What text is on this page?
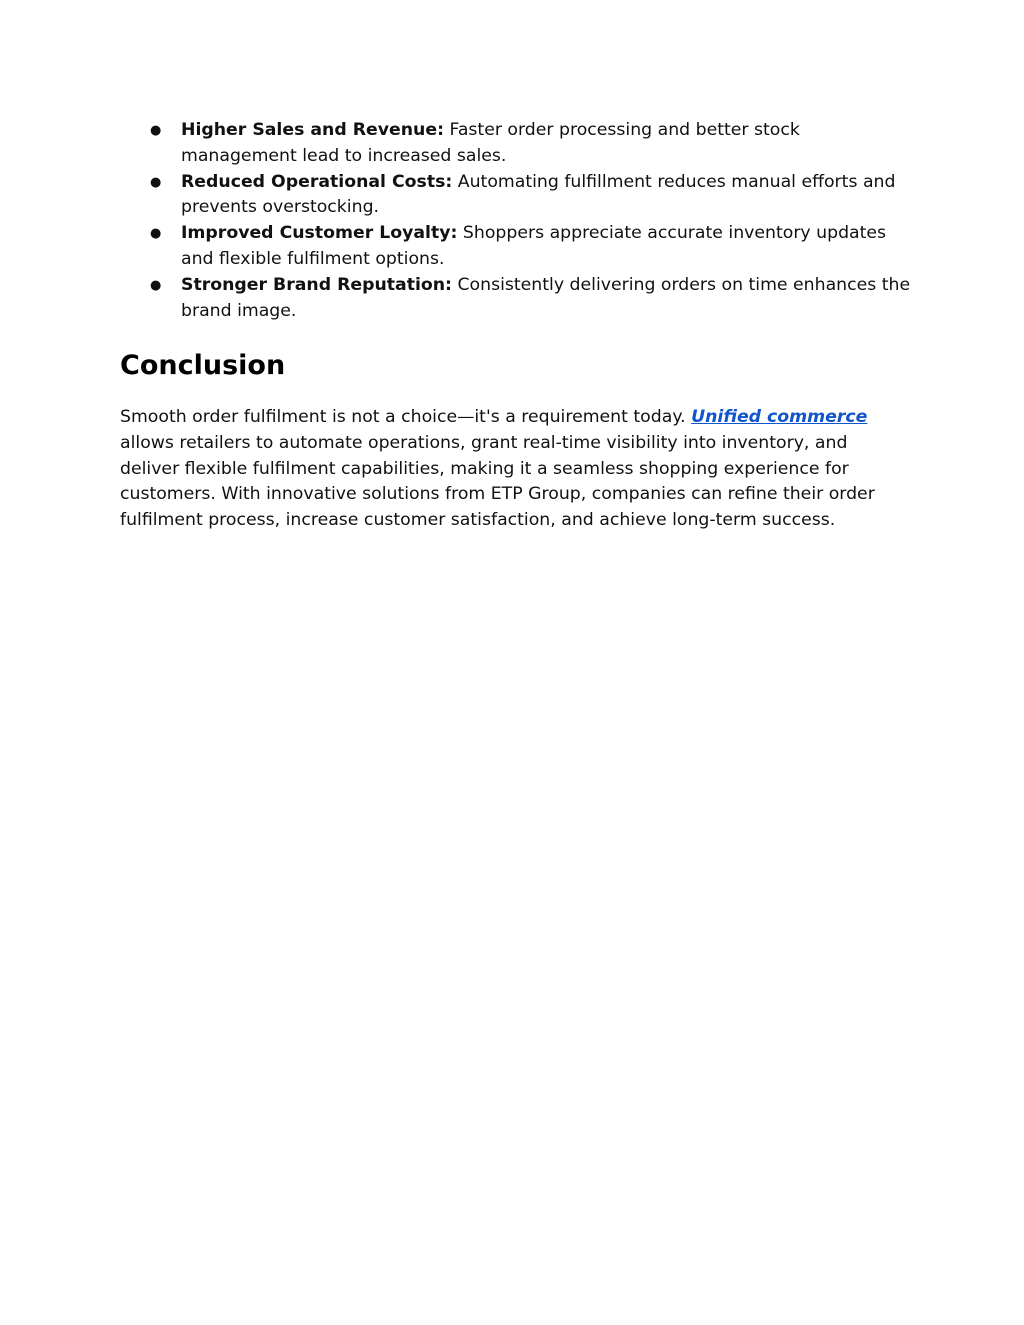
● Higher Sales and Revenue: Faster order processing and better stock management lead to increased sales.
● Reduced Operational Costs: Automating fulfillment reduces manual efforts and prevents overstocking.
● Improved Customer Loyalty: Shoppers appreciate accurate inventory updates and flexible fulfilment options.
● Stronger Brand Reputation: Consistently delivering orders on time enhances the brand image.
Conclusion

Smooth order fulfilment is not a choice—it's a requirement today. Unified commerce allows retailers to automate operations, grant real-time visibility into inventory, and deliver flexible fulfilment capabilities, making it a seamless shopping experience for customers. With innovative solutions from ETP Group, companies can refine their order fulfilment process, increase customer satisfaction, and achieve long-term success.
